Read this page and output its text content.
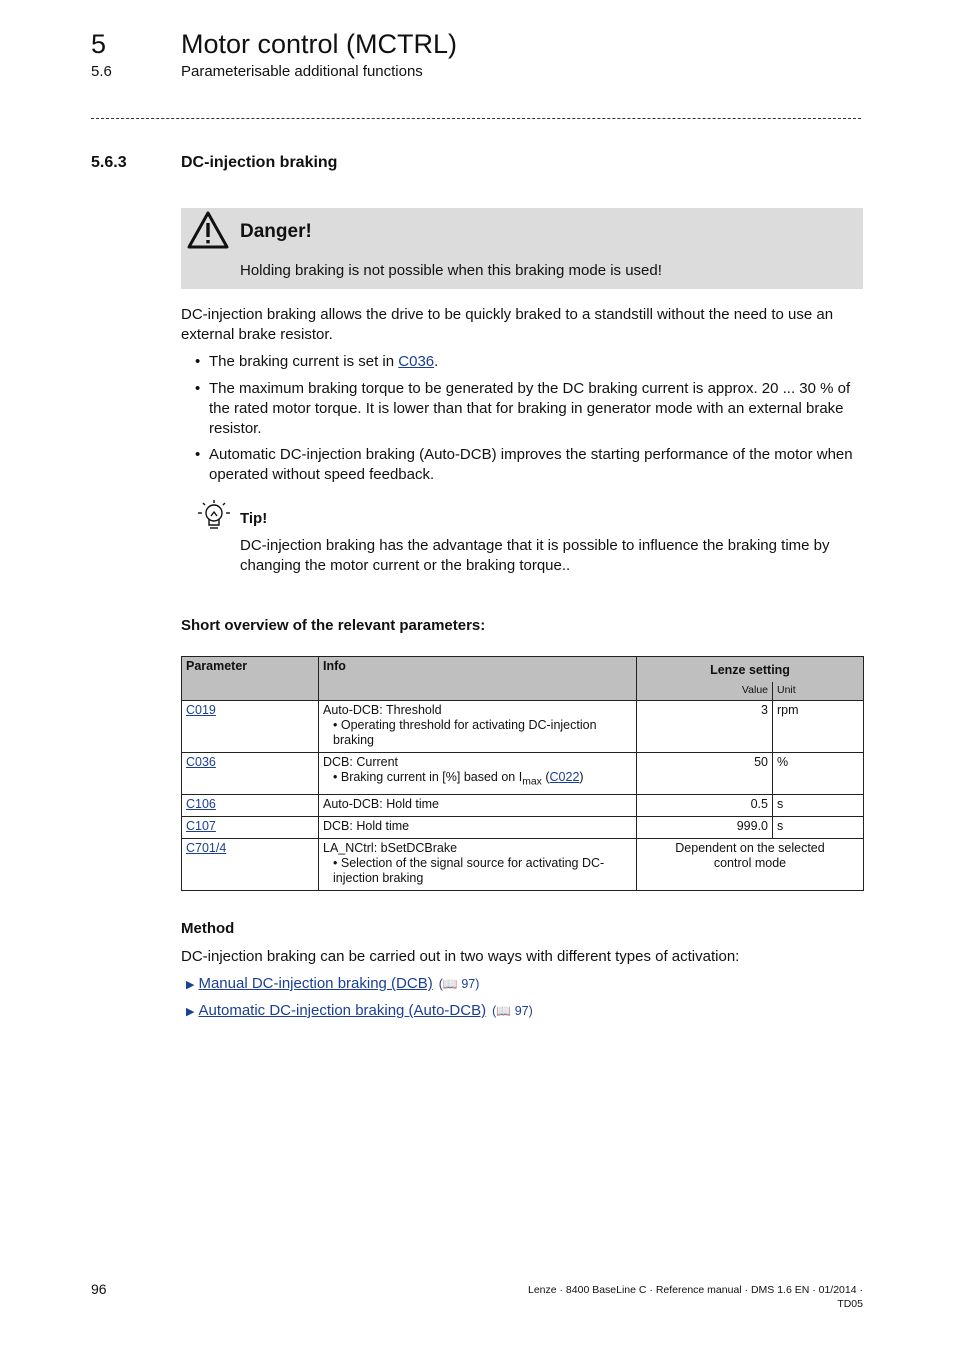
5	Motor control (MCTRL)
5.6	Parameterisable additional functions
5.6.3	DC-injection braking
Danger!
Holding braking is not possible when this braking mode is used!
DC-injection braking allows the drive to be quickly braked to a standstill without the need to use an external brake resistor.
• The braking current is set in C036.
• The maximum braking torque to be generated by the DC braking current is approx. 20 ... 30 % of the rated motor torque. It is lower than that for braking in generator mode with an external brake resistor.
• Automatic DC-injection braking (Auto-DCB) improves the starting performance of the motor when operated without speed feedback.
Tip!
DC-injection braking has the advantage that it is possible to influence the braking time by changing the motor current or the braking torque..
Short overview of the relevant parameters:
Parameter	Info	Lenze setting	
		Value	Unit
C019	Auto-DCB: Threshold
• Operating threshold for activating DC-injection braking	3	rpm
C036	DCB: Current
• Braking current in [%] based on $I_{max}$ (C022)	50	%
C106	Auto-DCB: Hold time	0.5	s
C107	DCB: Hold time	999.0	s
C701/4	LA_NCtrl: bSetDCBrake
• Selection of the signal source for activating DC-injection braking	Dependent on the selected control mode	
Method
DC-injection braking can be carried out in two ways with different types of activation:
▶ Manual DC-injection braking (DCB) (📖 97)
▶ Automatic DC-injection braking (Auto-DCB) (📖 97)
96	Lenze · 8400 BaseLine C · Reference manual · DMS 1.6 EN · 01/2014 · TD05
